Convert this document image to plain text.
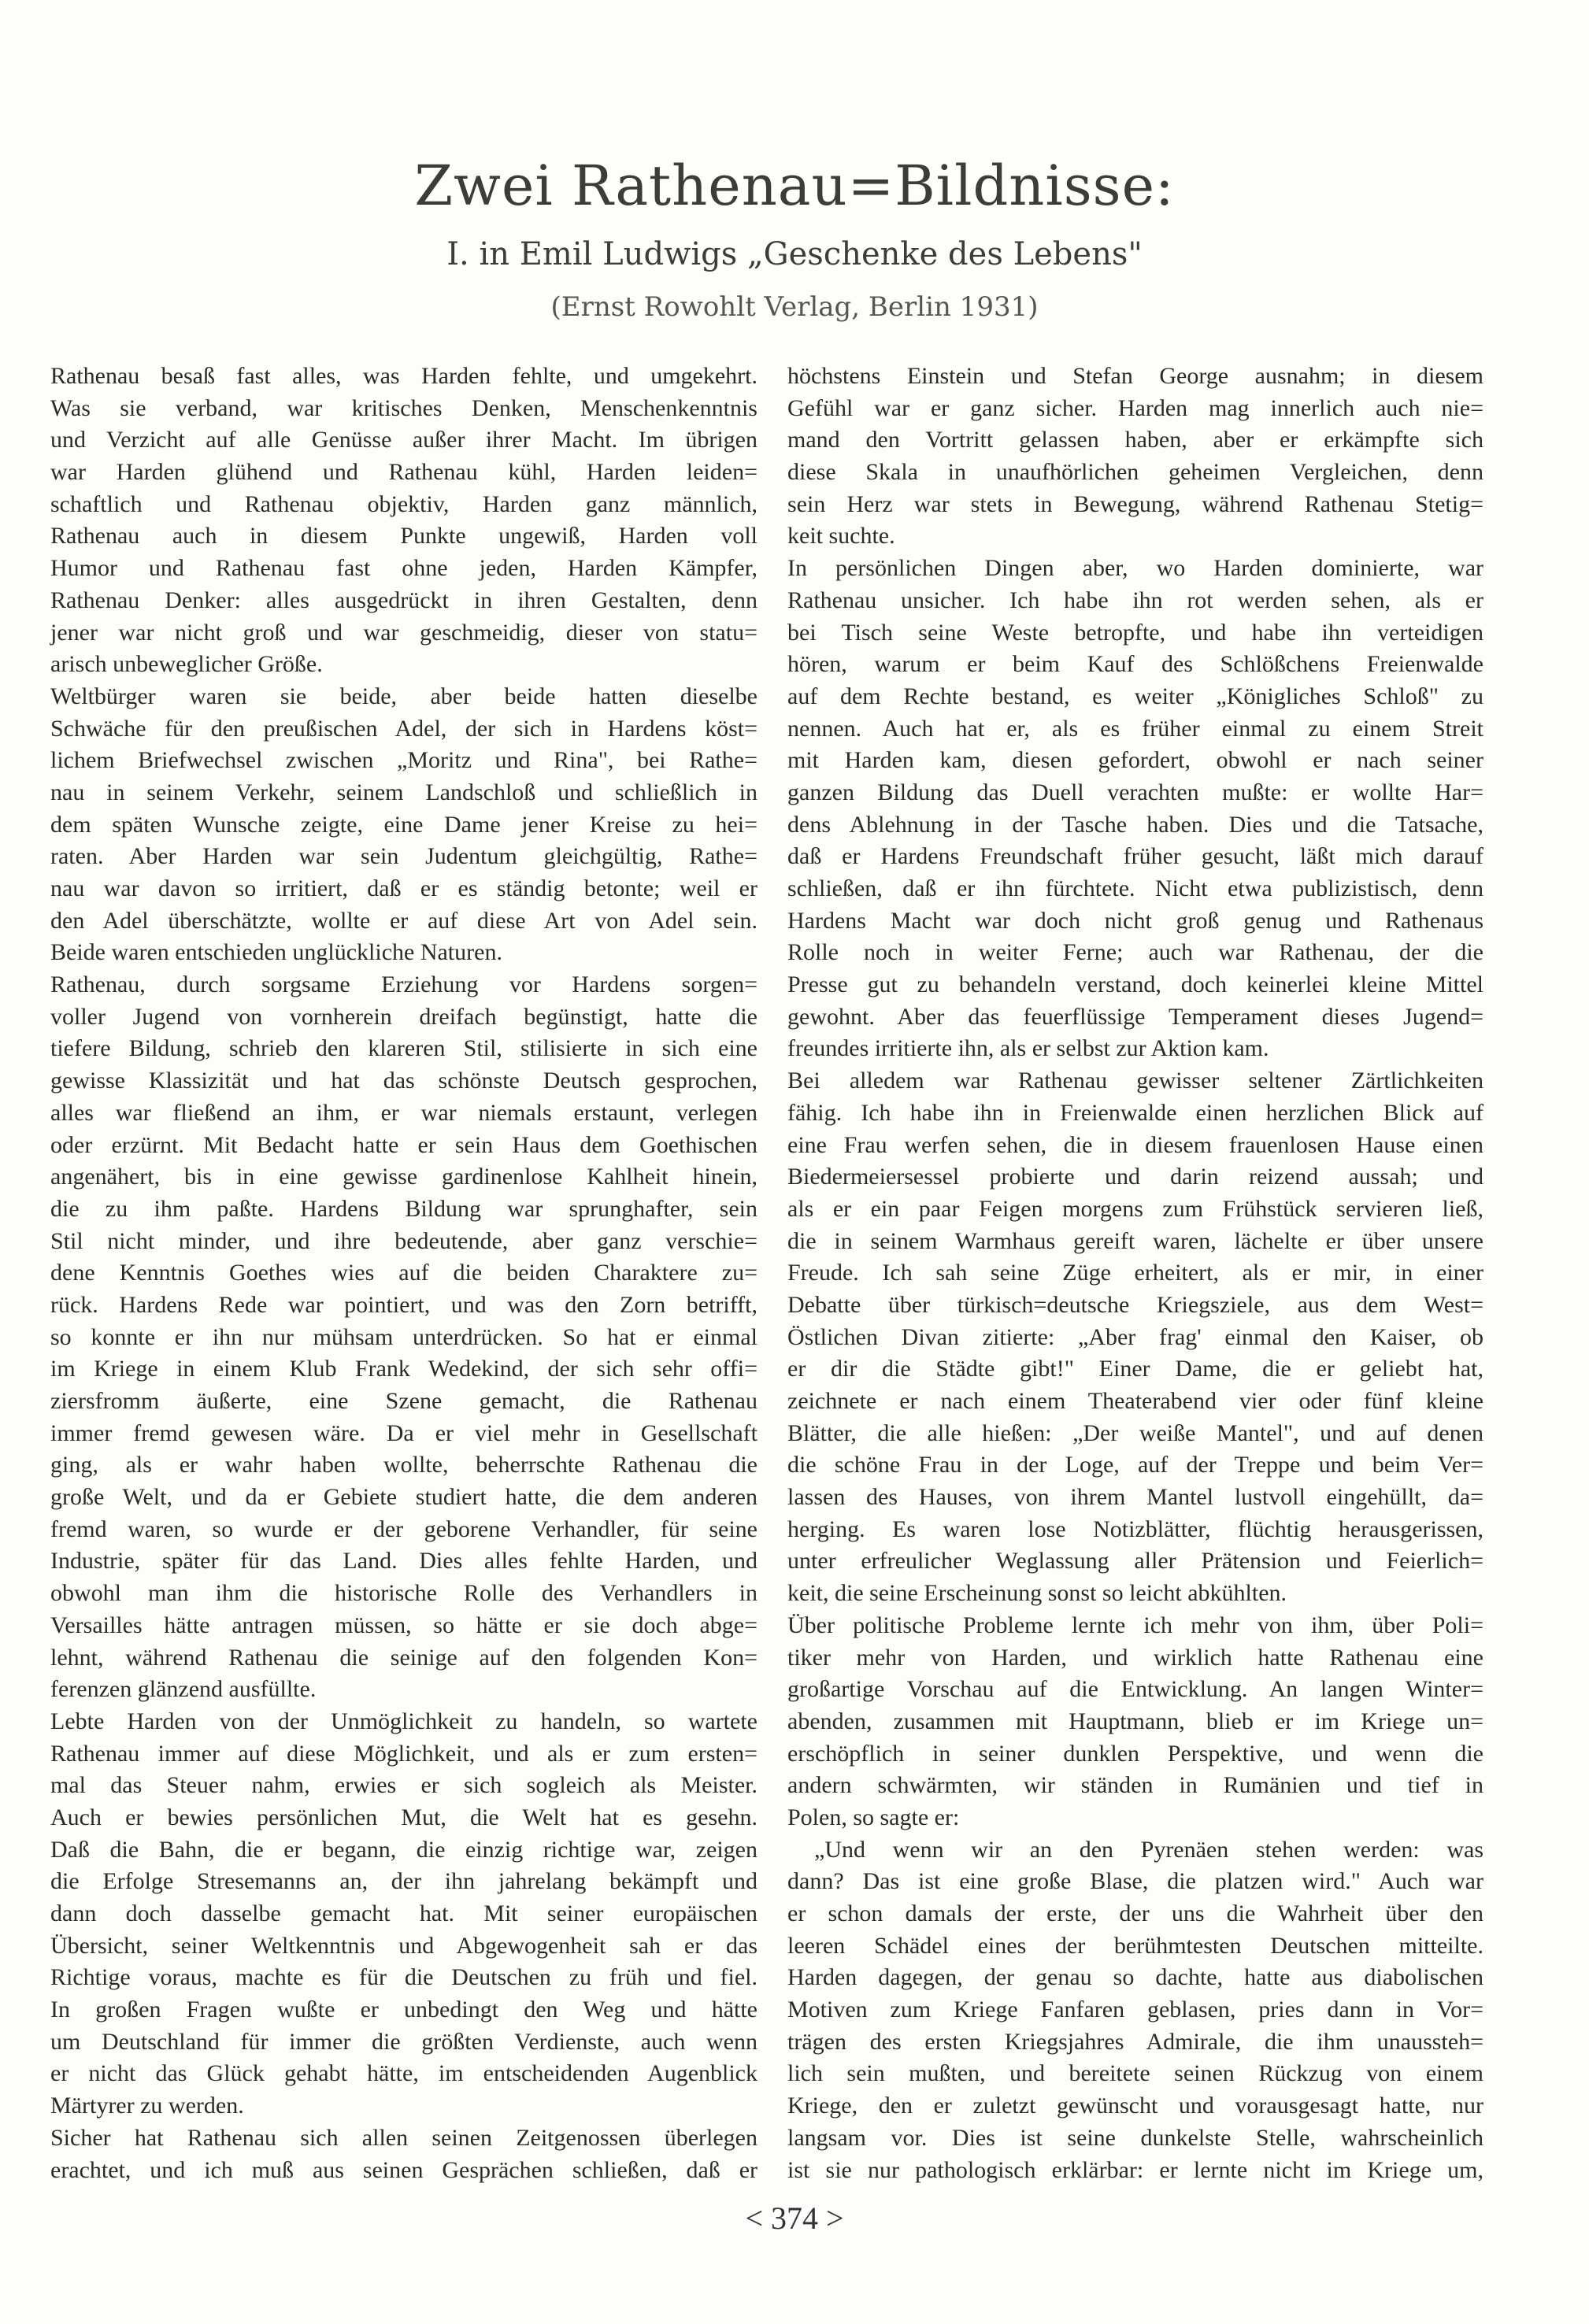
Zwei Rathenau=Bildnisse:
I. in Emil Ludwigs „Geschenke des Lebens"
(Ernst Rowohlt Verlag, Berlin 1931)
Rathenau besaß fast alles, was Harden fehlte, und umgekehrt.
Was sie verband, war kritisches Denken, Menschenkenntnis
und Verzicht auf alle Genüsse außer ihrer Macht. Im übrigen
war Harden glühend und Rathenau kühl, Harden leiden=
schaftlich und Rathenau objektiv, Harden ganz männlich,
Rathenau auch in diesem Punkte ungewiß, Harden voll
Humor und Rathenau fast ohne jeden, Harden Kämpfer,
Rathenau Denker: alles ausgedrückt in ihren Gestalten, denn
jener war nicht groß und war geschmeidig, dieser von statu=
arisch unbeweglicher Größe.
Weltbürger waren sie beide, aber beide hatten dieselbe
Schwäche für den preußischen Adel, der sich in Hardens köst=
lichem Briefwechsel zwischen „Moritz und Rina", bei Rathe=
nau in seinem Verkehr, seinem Landschloß und schließlich in
dem späten Wunsche zeigte, eine Dame jener Kreise zu hei=
raten. Aber Harden war sein Judentum gleichgültig, Rathe=
nau war davon so irritiert, daß er es ständig betonte; weil er
den Adel überschätzte, wollte er auf diese Art von Adel sein.
Beide waren entschieden unglückliche Naturen.
Rathenau, durch sorgsame Erziehung vor Hardens sorgen=
voller Jugend von vornherein dreifach begünstigt, hatte die
tiefere Bildung, schrieb den klareren Stil, stilisierte in sich eine
gewisse Klassizität und hat das schönste Deutsch gesprochen,
alles war fließend an ihm, er war niemals erstaunt, verlegen
oder erzürnt. Mit Bedacht hatte er sein Haus dem Goethischen
angenähert, bis in eine gewisse gardinenlose Kahlheit hinein,
die zu ihm paßte. Hardens Bildung war sprunghafter, sein
Stil nicht minder, und ihre bedeutende, aber ganz verschie=
dene Kenntnis Goethes wies auf die beiden Charaktere zu=
rück. Hardens Rede war pointiert, und was den Zorn betrifft,
so konnte er ihn nur mühsam unterdrücken. So hat er einmal
im Kriege in einem Klub Frank Wedekind, der sich sehr offi=
ziersfromm äußerte, eine Szene gemacht, die Rathenau
immer fremd gewesen wäre. Da er viel mehr in Gesellschaft
ging, als er wahr haben wollte, beherrschte Rathenau die
große Welt, und da er Gebiete studiert hatte, die dem anderen
fremd waren, so wurde er der geborene Verhandler, für seine
Industrie, später für das Land. Dies alles fehlte Harden, und
obwohl man ihm die historische Rolle des Verhandlers in
Versailles hätte antragen müssen, so hätte er sie doch abge=
lehnt, während Rathenau die seinige auf den folgenden Kon=
ferenzen glänzend ausfüllte.
Lebte Harden von der Unmöglichkeit zu handeln, so wartete
Rathenau immer auf diese Möglichkeit, und als er zum ersten=
mal das Steuer nahm, erwies er sich sogleich als Meister.
Auch er bewies persönlichen Mut, die Welt hat es gesehn.
Daß die Bahn, die er begann, die einzig richtige war, zeigen
die Erfolge Stresemanns an, der ihn jahrelang bekämpft und
dann doch dasselbe gemacht hat. Mit seiner europäischen
Übersicht, seiner Weltkenntnis und Abgewogenheit sah er das
Richtige voraus, machte es für die Deutschen zu früh und fiel.
In großen Fragen wußte er unbedingt den Weg und hätte
um Deutschland für immer die größten Verdienste, auch wenn
er nicht das Glück gehabt hätte, im entscheidenden Augenblick
Märtyrer zu werden.
Sicher hat Rathenau sich allen seinen Zeitgenossen überlegen
erachtet, und ich muß aus seinen Gesprächen schließen, daß er
höchstens Einstein und Stefan George ausnahm; in diesem
Gefühl war er ganz sicher. Harden mag innerlich auch nie=
mand den Vortritt gelassen haben, aber er erkämpfte sich
diese Skala in unaufhörlichen geheimen Vergleichen, denn
sein Herz war stets in Bewegung, während Rathenau Stetig=
keit suchte.
In persönlichen Dingen aber, wo Harden dominierte, war
Rathenau unsicher. Ich habe ihn rot werden sehen, als er
bei Tisch seine Weste betropfte, und habe ihn verteidigen
hören, warum er beim Kauf des Schlößchens Freienwalde
auf dem Rechte bestand, es weiter „Königliches Schloß" zu
nennen. Auch hat er, als es früher einmal zu einem Streit
mit Harden kam, diesen gefordert, obwohl er nach seiner
ganzen Bildung das Duell verachten mußte: er wollte Har=
dens Ablehnung in der Tasche haben. Dies und die Tatsache,
daß er Hardens Freundschaft früher gesucht, läßt mich darauf
schließen, daß er ihn fürchtete. Nicht etwa publizistisch, denn
Hardens Macht war doch nicht groß genug und Rathenaus
Rolle noch in weiter Ferne; auch war Rathenau, der die
Presse gut zu behandeln verstand, doch keinerlei kleine Mittel
gewohnt. Aber das feuerflüssige Temperament dieses Jugend=
freundes irritierte ihn, als er selbst zur Aktion kam.
Bei alledem war Rathenau gewisser seltener Zärtlichkeiten
fähig. Ich habe ihn in Freienwalde einen herzlichen Blick auf
eine Frau werfen sehen, die in diesem frauenlosen Hause einen
Biedermeiersessel probierte und darin reizend aussah; und
als er ein paar Feigen morgens zum Frühstück servieren ließ,
die in seinem Warmhaus gereift waren, lächelte er über unsere
Freude. Ich sah seine Züge erheitert, als er mir, in einer
Debatte über türkisch=deutsche Kriegsziele, aus dem West=
Östlichen Divan zitierte: „Aber frag' einmal den Kaiser, ob
er dir die Städte gibt!" Einer Dame, die er geliebt hat,
zeichnete er nach einem Theaterabend vier oder fünf kleine
Blätter, die alle hießen: „Der weiße Mantel", und auf denen
die schöne Frau in der Loge, auf der Treppe und beim Ver=
lassen des Hauses, von ihrem Mantel lustvoll eingehüllt, da=
herging. Es waren lose Notizblätter, flüchtig herausgerissen,
unter erfreulicher Weglassung aller Prätension und Feierlich=
keit, die seine Erscheinung sonst so leicht abkühlten.
Über politische Probleme lernte ich mehr von ihm, über Poli=
tiker mehr von Harden, und wirklich hatte Rathenau eine
großartige Vorschau auf die Entwicklung. An langen Winter=
abenden, zusammen mit Hauptmann, blieb er im Kriege un=
erschöpflich in seiner dunklen Perspektive, und wenn die
andern schwärmten, wir ständen in Rumänien und tief in
Polen, so sagte er:
„Und wenn wir an den Pyrenäen stehen werden: was
dann? Das ist eine große Blase, die platzen wird." Auch war
er schon damals der erste, der uns die Wahrheit über den
leeren Schädel eines der berühmtesten Deutschen mitteilte.
Harden dagegen, der genau so dachte, hatte aus diabolischen
Motiven zum Kriege Fanfaren geblasen, pries dann in Vor=
trägen des ersten Kriegsjahres Admirale, die ihm unaussteh=
lich sein mußten, und bereitete seinen Rückzug von einem
Kriege, den er zuletzt gewünscht und vorausgesagt hatte, nur
langsam vor. Dies ist seine dunkelste Stelle, wahrscheinlich
ist sie nur pathologisch erklärbar: er lernte nicht im Kriege um,
< 374 >
